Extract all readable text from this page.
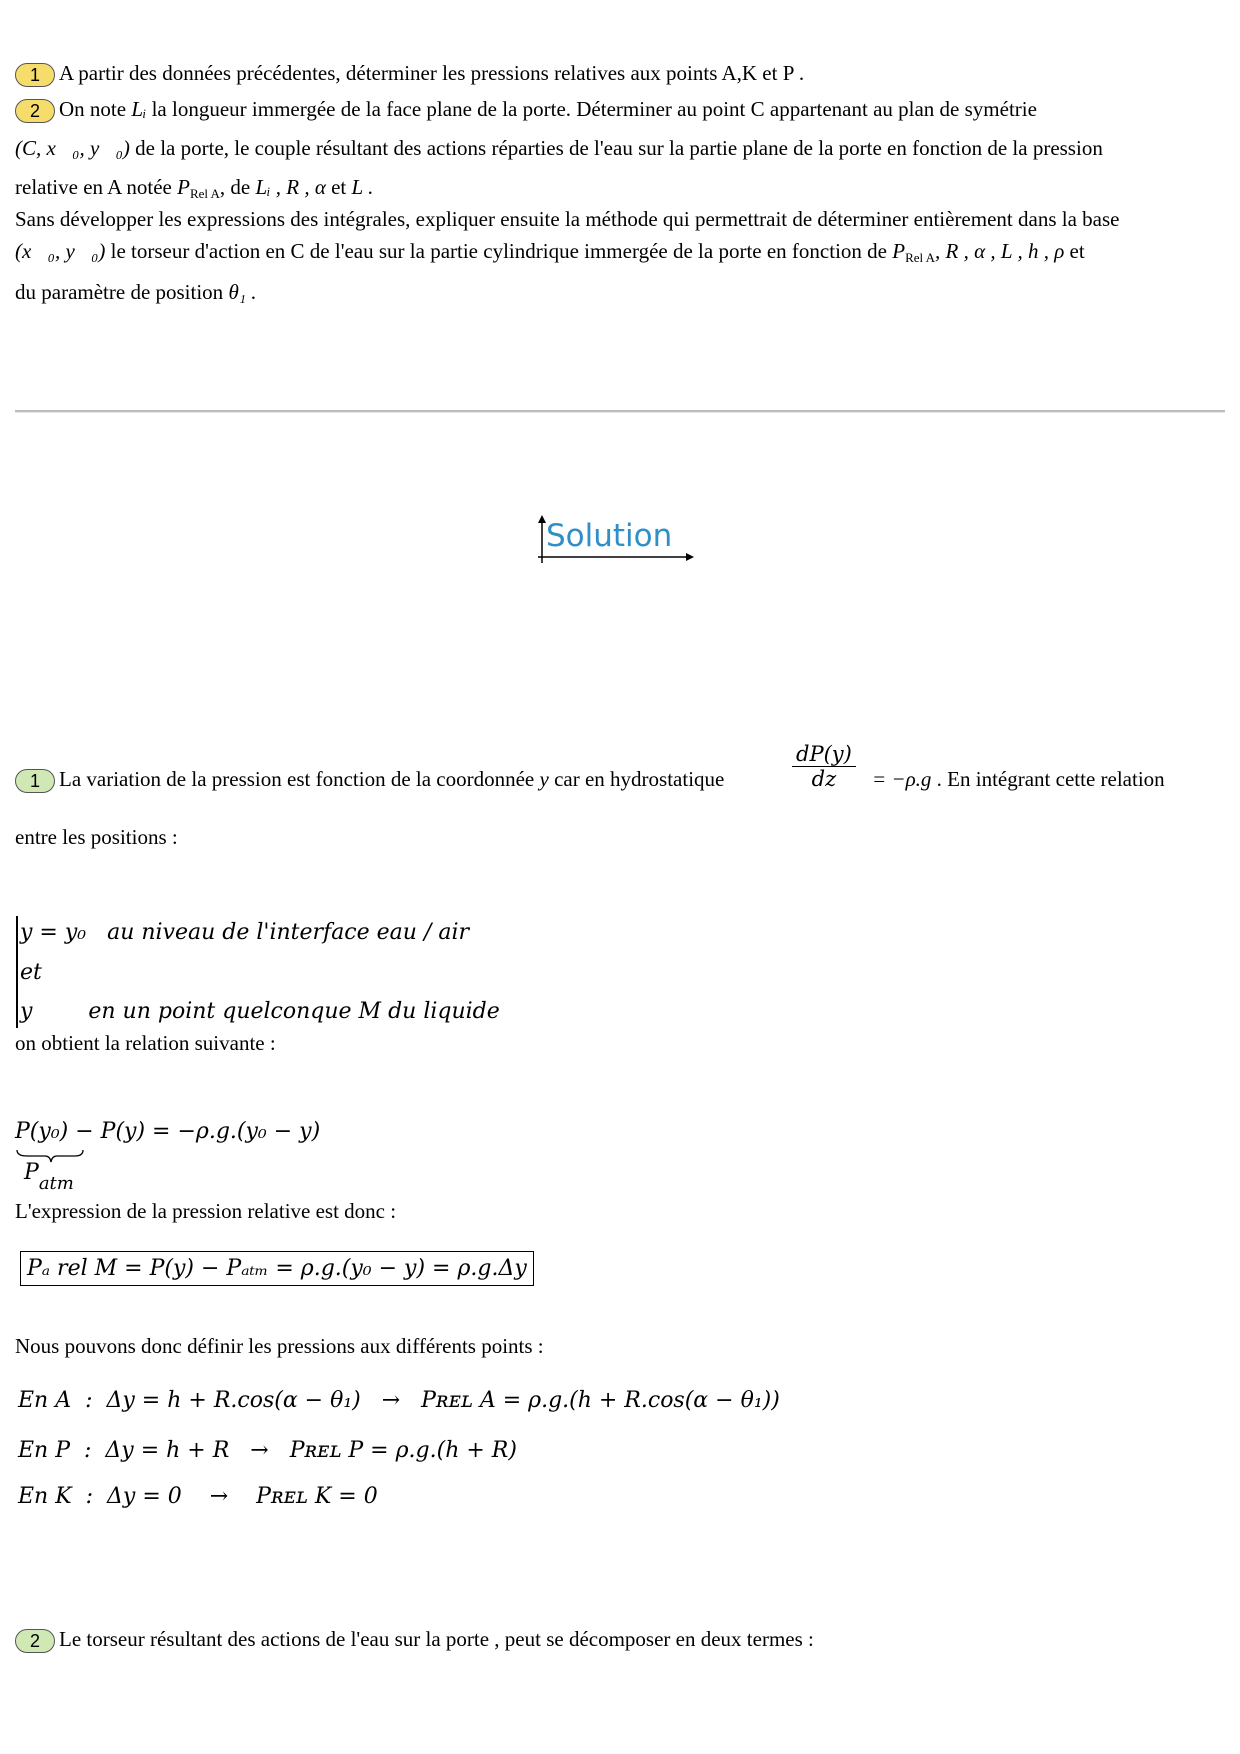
1 A partir des données précédentes, déterminer les pressions relatives aux points A,K et P .
2 On note Lᵢ la longueur immergée de la face plane de la porte. Déterminer au point C appartenant au plan de symétrie
(C, x⃗₀, y⃗₀) de la porte, le couple résultant des actions réparties de l'eau sur la partie plane de la porte en fonction de la pression
relative en A notée $P_{Rel A}$, de Lᵢ , R , α et L .
Sans développer les expressions des intégrales, expliquer ensuite la méthode qui permettrait de déterminer entièrement dans la base
(x⃗₀, y⃗₀) le torseur d'action en C de l'eau sur la partie cylindrique immergée de la porte en fonction de $P_{Rel A}$, R , α , L , h , ρ et
du paramètre de position θ₁ .
Solution
1 La variation de la pression est fonction de la coordonnée y car en hydrostatique	$\frac{dP(y)}{dz} = -\rho.g$ . En intégrant cette relation
entre les positions :
y = y₀   au niveau de l'interface eau / air
et
y        en un point quelconque M du liquide
on obtient la relation suivante :
P(y₀) − P(y) = −ρ.g.(y₀ − y)
$P_{atm}$
L'expression de la pression relative est donc :
Pₐ rel M = P(y) − Pₐₜₘ = ρ.g.(y₀ − y) = ρ.g.Δy
Nous pouvons donc définir les pressions aux différents points :
En A  :  Δy = h + R.cos(α − θ₁)   →   Pʀᴇʟ A = ρ.g.(h + R.cos(α − θ₁))
En P  :  Δy = h + R   →   Pʀᴇʟ P = ρ.g.(h + R)
En K  :  Δy = 0    →    Pʀᴇʟ K = 0
2 Le torseur résultant des actions de l'eau sur la porte , peut se décomposer en deux termes :
